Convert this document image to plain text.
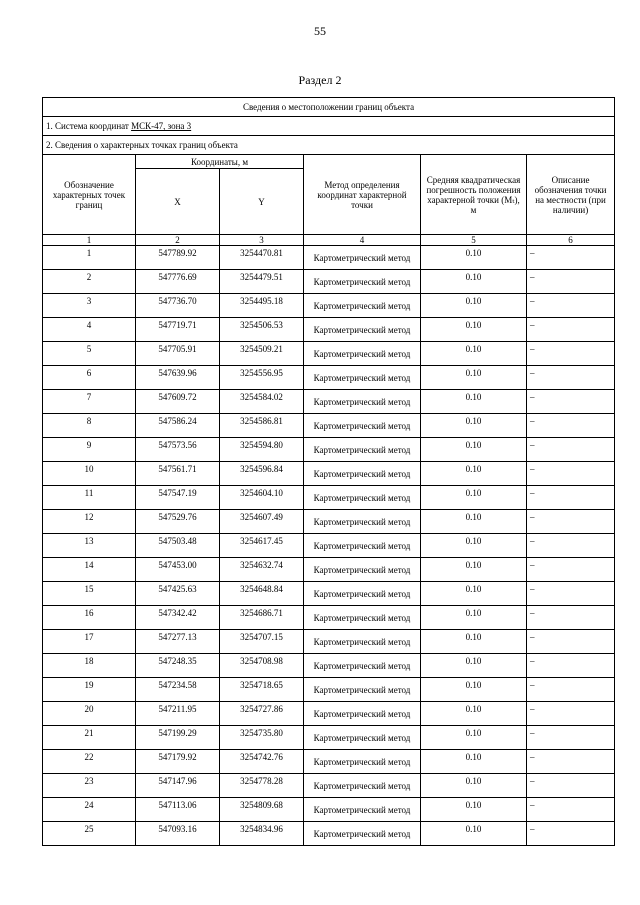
55
Раздел 2
Сведения о местоположении границ объекта					
1. Система координат МСК-47, зона 3					
2. Сведения о характерных точках границ объекта					
Обозначение характерных точек границ	Координаты, м		Метод определения координат характерной точки	Средняя квадратическая погрешность положения характерной точки (Mₜ), м	Описание обозначения точки на местности (при наличии)
	X	Y			
1	2	3	4	5	6
1	547789.92	3254470.81	Картометрический метод	0.10	–
2	547776.69	3254479.51	Картометрический метод	0.10	–
3	547736.70	3254495.18	Картометрический метод	0.10	–
4	547719.71	3254506.53	Картометрический метод	0.10	–
5	547705.91	3254509.21	Картометрический метод	0.10	–
6	547639.96	3254556.95	Картометрический метод	0.10	–
7	547609.72	3254584.02	Картометрический метод	0.10	–
8	547586.24	3254586.81	Картометрический метод	0.10	–
9	547573.56	3254594.80	Картометрический метод	0.10	–
10	547561.71	3254596.84	Картометрический метод	0.10	–
11	547547.19	3254604.10	Картометрический метод	0.10	–
12	547529.76	3254607.49	Картометрический метод	0.10	–
13	547503.48	3254617.45	Картометрический метод	0.10	–
14	547453.00	3254632.74	Картометрический метод	0.10	–
15	547425.63	3254648.84	Картометрический метод	0.10	–
16	547342.42	3254686.71	Картометрический метод	0.10	–
17	547277.13	3254707.15	Картометрический метод	0.10	–
18	547248.35	3254708.98	Картометрический метод	0.10	–
19	547234.58	3254718.65	Картометрический метод	0.10	–
20	547211.95	3254727.86	Картометрический метод	0.10	–
21	547199.29	3254735.80	Картометрический метод	0.10	–
22	547179.92	3254742.76	Картометрический метод	0.10	–
23	547147.96	3254778.28	Картометрический метод	0.10	–
24	547113.06	3254809.68	Картометрический метод	0.10	–
25	547093.16	3254834.96	Картометрический метод	0.10	–
